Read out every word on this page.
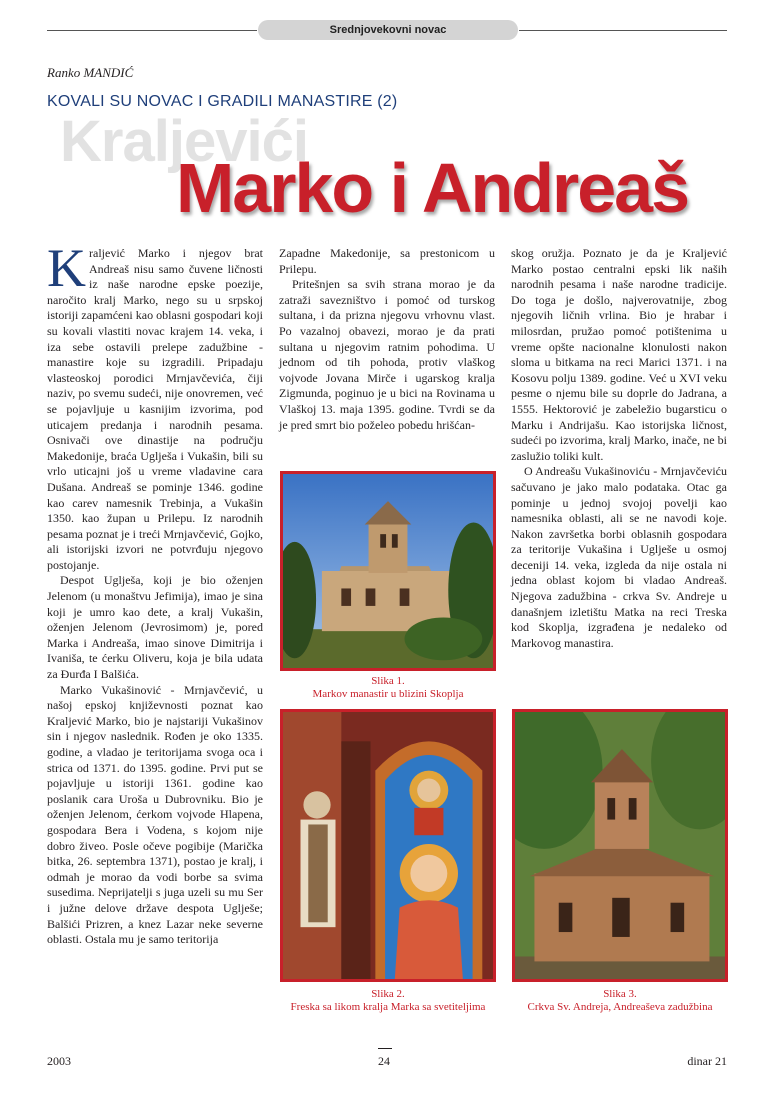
Srednjovekovni novac
Ranko MANDIĆ
KOVALI SU NOVAC I GRADILI MANASTIRE (2)
Kraljevići
Marko i Andreaš

Kraljević Marko i njegov brat Andreaš nisu samo čuvene ličnosti iz naše narodne epske poezije, naročito kralj Marko, nego su u srpskoj istoriji zapamćeni kao oblasni gospodari koji su kovali vlastiti novac krajem 14. veka, i iza sebe ostavili prelepe zadužbine - manastire koje su izgradili. Pripadaju vlasteoskoj porodici Mrnjavčevića, čiji naziv, po svemu sudeći, nije onovremen, već se pojavljuje u kasnijim izvorima, pod uticajem predanja i narodnih pesama. Osnivači ove dinastije na području Makedonije, braća Uglješa i Vukašin, bili su vrlo uticajni još u vreme vladavine cara Dušana. Andreaš se pominje 1346. godine kao carev namesnik Trebinja, a Vukašin 1350. kao župan u Prilepu. Iz narodnih pesama poznat je i treći Mrnjavčević, Gojko, ali istorijski izvori ne potvrđuju njegovo postojanje.

Despot Uglješa, koji je bio oženjen Jelenom (u monaštvu Jefimija), imao je sina koji je umro kao dete, a kralj Vukašin, oženjen Jelenom (Jevrosimom) je, pored Marka i Andreaša, imao sinove Dimitrija i Ivaniša, te ćerku Oliveru, koja je bila udata za Đurđa I Balšića.

Marko Vukašinović - Mrnjavčević, u našoj epskoj književnosti poznat kao Kraljević Marko, bio je najstariji Vukašinov sin i njegov naslednik. Rođen je oko 1335. godine, a vladao je teritorijama svoga oca i strica od 1371. do 1395. godine. Prvi put se pojavljuje u istoriji 1361. godine kao poslanik cara Uroša u Dubrovniku. Bio je oženjen Jelenom, ćerkom vojvode Hlapena, gospodara Bera i Vodena, s kojom nije dobro živeo. Posle očeve pogibije (Marička bitka, 26. septembra 1371), postao je kralj, i odmah je morao da vodi borbe sa svima susedima. Neprijatelji s juga uzeli su mu Ser i južne delove države despota Uglješe; Balšići Prizren, a knez Lazar neke severne oblasti. Ostala mu je samo teritorija

Zapadne Makedonije, sa prestonicom u Prilepu.

Pritešnjen sa svih strana morao je da zatraži savezništvo i pomoć od turskog sultana, i da prizna njegovu vrhovnu vlast. Po vazalnoj obavezi, morao je da prati sultana u njegovim ratnim pohodima. U jednom od tih pohoda, protiv vlaškog vojvode Jovana Mirče i ugarskog kralja Zigmunda, poginuo je u bici na Rovinama u Vlaškoj 13. maja 1395. godine. Tvrdi se da je pred smrt bio poželeo pobedu hrišćan-

skog oružja. Poznato je da je Kraljević Marko postao centralni epski lik naših narodnih pesama i naše narodne tradicije. Do toga je došlo, najverovatnije, zbog njegovih ličnih vrlina. Bio je hrabar i milosrdan, pružao pomoć potištenima u vreme opšte nacionalne klonulosti nakon sloma u bitkama na reci Marici 1371. i na Kosovu polju 1389. godine. Već u XVI veku pesme o njemu bile su doprle do Jadrana, a 1555. Hektorović je zabeležio bugarsticu o Marku i Andrijašu. Kao istorijska ličnost, sudeći po izvorima, kralj Marko, inače, ne bi zaslužio toliki kult.

O Andreašu Vukašinoviću - Mrnjavčeviću sačuvano je jako malo podataka. Otac ga pominje u jednoj svojoj povelji kao namesnika oblasti, ali se ne navodi koje. Nakon završetka borbi oblasnih gospodara za teritorije Vukašina i Uglješe u osmoj deceniji 14. veka, izgleda da nije ostala ni jedna oblast kojom bi vladao Andreaš. Njegova zadužbina - crkva Sv. Andreje u današnjem izletištu Matka na reci Treska kod Skoplja, izgrađena je nedaleko od Markovog manastira.

Slika 1.
Markov manastir u blizini Skoplja
Slika 2.
Freska sa likom kralja Marka sa svetiteljima
Slika 3.
Crkva Sv. Andreja, Andreaševa zadužbina
2003	24	dinar 21
